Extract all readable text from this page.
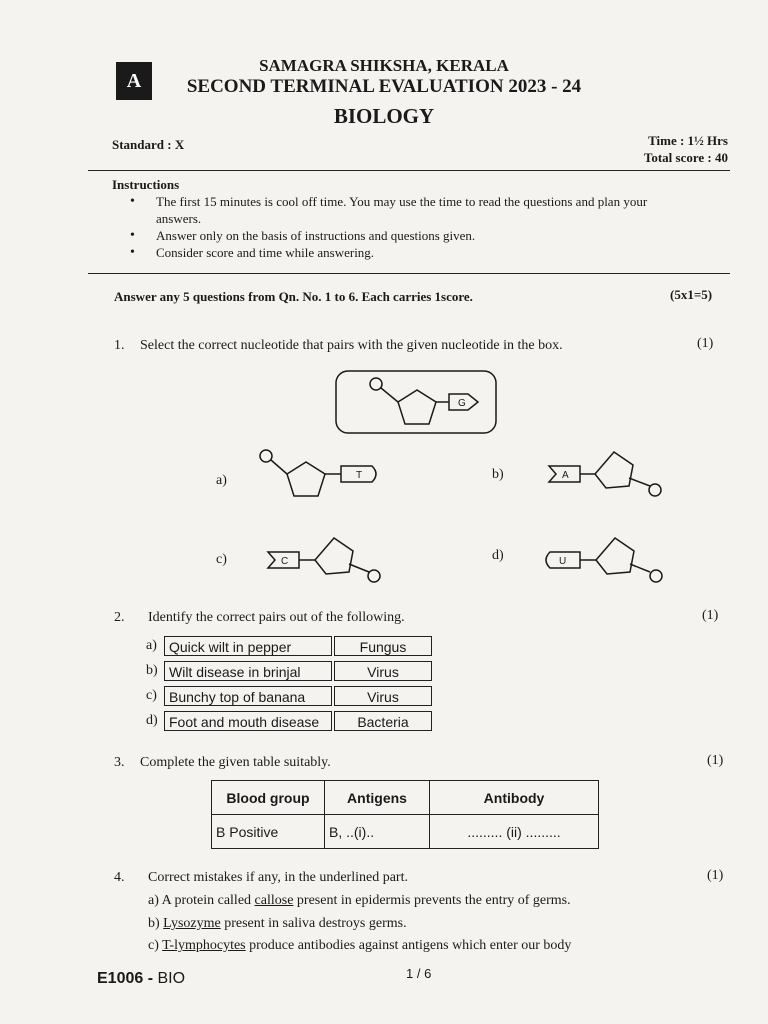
A
SAMAGRA SHIKSHA, KERALA
SECOND TERMINAL EVALUATION 2023 - 24
BIOLOGY
Standard : X	Time : 1½ Hrs
Total score : 40
Instructions
• The first 15 minutes is cool off time. You may use the time to read the questions and plan your
answers.
• Answer only on the basis of instructions and questions given.
• Consider score and time while answering.
Answer any 5 questions from Qn. No. 1 to 6. Each carries 1score.	(5x1=5)
1. Select the correct nucleotide that pairs with the given nucleotide in the box.	(1)
G
T	A
C	U
a)	b)
c)	d)
2. Identify the correct pairs out of the following.	(1)
a) Quick wilt in pepper	Fungus
b) Wilt disease in brinjal	Virus
c) Bunchy top of banana	Virus
d) Foot and mouth disease	Bacteria
3. Complete the given table suitably.	(1)
Blood group	Antigens	Antibody
B Positive	B, ..(i)..	......... (ii) .........
4. Correct mistakes if any, in the underlined part.	(1)
a) A protein called callose present in epidermis prevents the entry of germs.
b) Lysozyme present in saliva destroys germs.
c) T-lymphocytes produce antibodies against antigens which enter our body
E1006 - BIO	1 / 6
